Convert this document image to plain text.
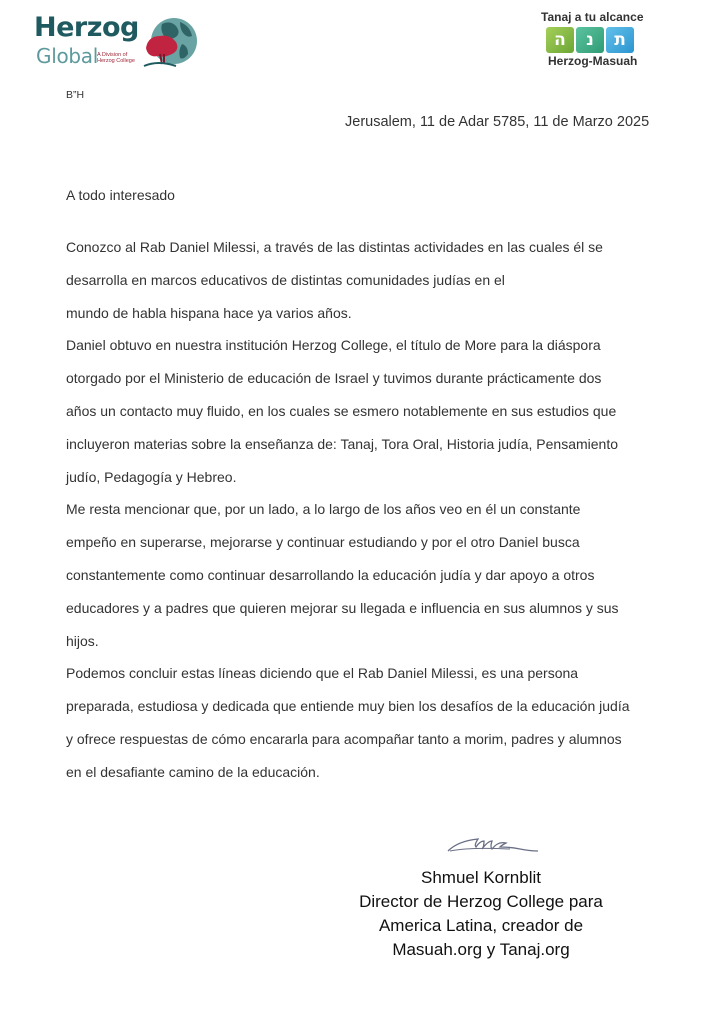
Herzog
Global A Division of
Herzog College
Tanaj a tu alcance
ה	נ	ת
Herzog-Masuah
B”H
Jerusalem, 11 de Adar 5785, 11 de Marzo 2025
A todo interesado
Conozco al Rab Daniel Milessi, a través de las distintas actividades en las cuales él se
desarrolla en marcos educativos de distintas comunidades judías en el
mundo de habla hispana hace ya varios años.
Daniel obtuvo en nuestra institución Herzog College, el título de More para la diáspora
otorgado por el Ministerio de educación de Israel y tuvimos durante prácticamente dos
años un contacto muy fluido, en los cuales se esmero notablemente en sus estudios que
incluyeron materias sobre la enseñanza de: Tanaj, Tora Oral, Historia judía, Pensamiento
judío, Pedagogía y Hebreo.
Me resta mencionar que, por un lado, a lo largo de los años veo en él un constante
empeño en superarse, mejorarse y continuar estudiando y por el otro Daniel busca
constantemente como continuar desarrollando la educación judía y dar apoyo a otros
educadores y a padres que quieren mejorar su llegada e influencia en sus alumnos y sus
hijos.
Podemos concluir estas líneas diciendo que el Rab Daniel Milessi, es una persona
preparada, estudiosa y dedicada que entiende muy bien los desafíos de la educación judía
y ofrece respuestas de cómo encararla para acompañar tanto a morim, padres y alumnos
en el desafiante camino de la educación.
Shmuel Kornblit
Director de Herzog College para
America Latina, creador de
Masuah.org y Tanaj.org
